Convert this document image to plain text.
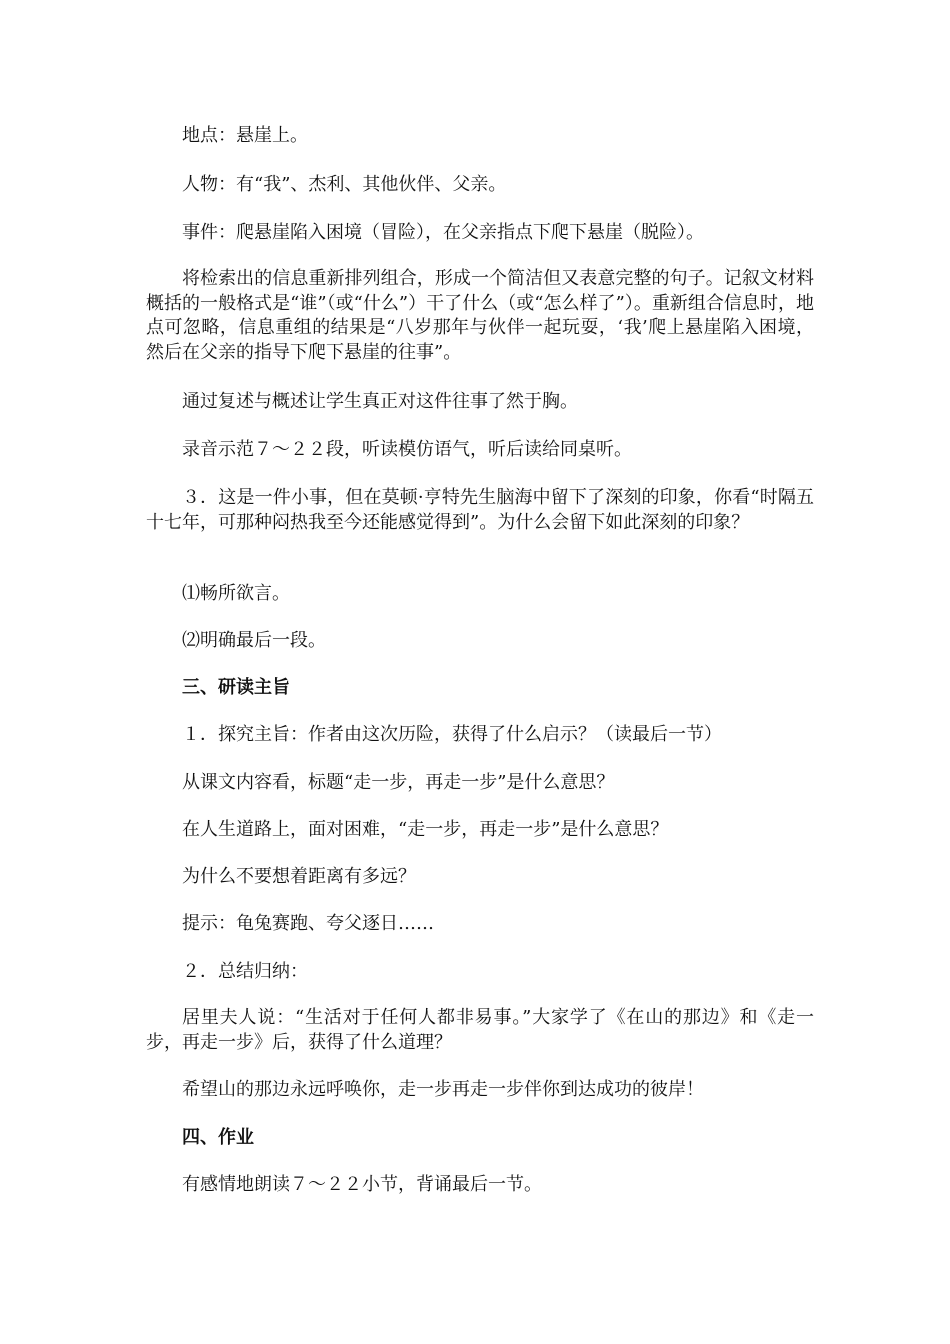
地点：悬崖上。

人物：有“我”、杰利、其他伙伴、父亲。

事件：爬悬崖陷入困境（冒险），在父亲指点下爬下悬崖（脱险）。

将检索出的信息重新排列组合，形成一个简洁但又表意完整的句子。记叙文材料概括的一般格式是“谁”（或“什么”）干了什么（或“怎么样了”）。重新组合信息时，地点可忽略，信息重组的结果是“八岁那年与伙伴一起玩耍，‘我’爬上悬崖陷入困境，然后在父亲的指导下爬下悬崖的往事”。

通过复述与概述让学生真正对这件往事了然于胸。

录音示范７～２２段，听读模仿语气，听后读给同桌听。

３．这是一件小事，但在莫顿·亨特先生脑海中留下了深刻的印象，你看“时隔五十七年，可那种闷热我至今还能感觉得到”。为什么会留下如此深刻的印象？

⑴畅所欲言。

⑵明确最后一段。

三、研读主旨

１．探究主旨：作者由这次历险，获得了什么启示？（读最后一节）

从课文内容看，标题“走一步，再走一步”是什么意思？

在人生道路上，面对困难，“走一步，再走一步”是什么意思？

为什么不要想着距离有多远？

提示：龟兔赛跑、夸父逐日……

２．总结归纳：

居里夫人说：“生活对于任何人都非易事。”大家学了《在山的那边》和《走一步，再走一步》后，获得了什么道理？

希望山的那边永远呼唤你，走一步再走一步伴你到达成功的彼岸！

四、作业

有感情地朗读７～２２小节，背诵最后一节。
